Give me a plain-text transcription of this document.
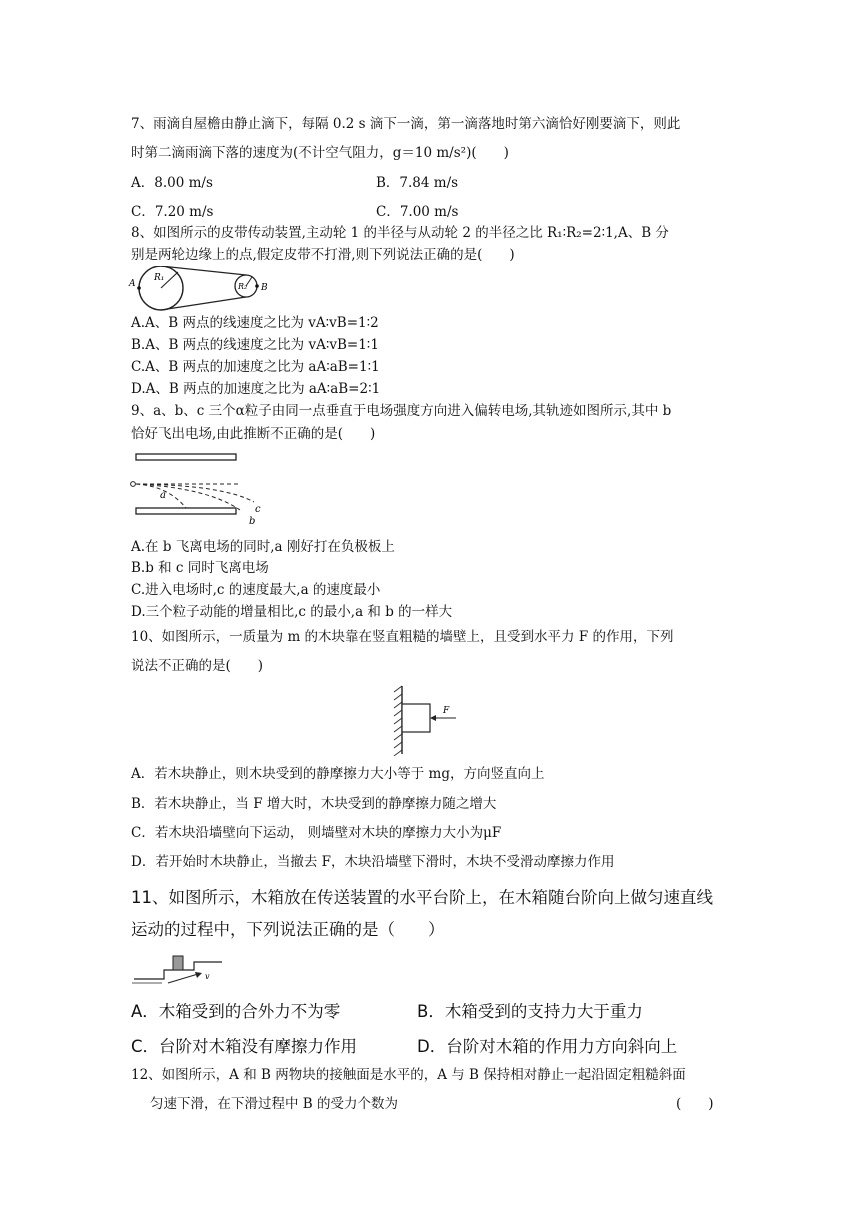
7、雨滴自屋檐由静止滴下，每隔 0.2 s 滴下一滴，第一滴落地时第六滴恰好刚要滴下，则此
时第二滴雨滴下落的速度为(不计空气阻力，g＝10 m/s²)(　　)
A．8.00 m/s	B．7.84 m/s
C．7.20 m/s	C．7.00 m/s
8、如图所示的皮带传动装置,主动轮 1 的半径与从动轮 2 的半径之比 R₁∶R₂=2∶1,A、B 分
别是两轮边缘上的点,假定皮带不打滑,则下列说法正确的是(　　)
A	B
R₁
R₂
A.A、B 两点的线速度之比为 vA∶vB=1∶2
B.A、B 两点的线速度之比为 vA∶vB=1∶1
C.A、B 两点的加速度之比为 aA∶aB=1∶1
D.A、B 两点的加速度之比为 aA∶aB=2∶1
9、a、b、c 三个α粒子由同一点垂直于电场强度方向进入偏转电场,其轨迹如图所示,其中 b
恰好飞出电场,由此推断不正确的是(　　)
a
b
c
A.在 b 飞离电场的同时,a 刚好打在负极板上
B.b 和 c 同时飞离电场
C.进入电场时,c 的速度最大,a 的速度最小
D.三个粒子动能的增量相比,c 的最小,a 和 b 的一样大
10、如图所示，一质量为 m 的木块靠在竖直粗糙的墙壁上，且受到水平力 F 的作用，下列
说法不正确的是(　　)
F
A．若木块静止，则木块受到的静摩擦力大小等于 mg，方向竖直向上
B．若木块静止，当 F 增大时，木块受到的静摩擦力随之增大
C．若木块沿墙壁向下运动， 则墙壁对木块的摩擦力大小为μF
D．若开始时木块静止，当撤去 F，木块沿墙壁下滑时，木块不受滑动摩擦力作用
11、如图所示，木箱放在传送装置的水平台阶上，在木箱随台阶向上做匀速直线
运动的过程中，下列说法正确的是（　　）
v
A．木箱受到的合外力不为零	B．木箱受到的支持力大于重力
C．台阶对木箱没有摩擦力作用	D．台阶对木箱的作用力方向斜向上
12、如图所示，A 和 B 两物块的接触面是水平的，A 与 B 保持相对静止一起沿固定粗糙斜面
匀速下滑，在下滑过程中 B 的受力个数为	(　　)
